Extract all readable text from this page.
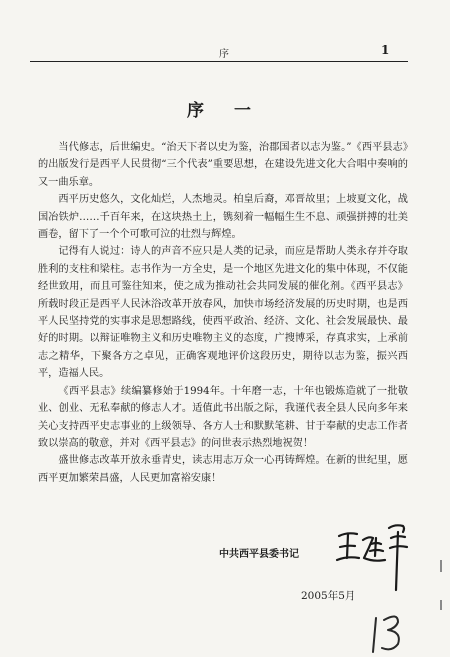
序	1
序 一

当代修志，后世编史。“治天下者以史为鉴，治郡国者以志为鉴。”《西平县志》的出版发行是西平人民贯彻“三个代表”重要思想，在建设先进文化大合唱中奏响的又一曲乐章。

西平历史悠久，文化灿烂，人杰地灵。柏皇后裔，邓晋故里；上坡夏文化，战国冶铁炉……千百年来，在这块热土上，镌刻着一幅幅生生不息、顽强拼搏的壮美画卷，留下了一个个可歌可泣的壮烈与辉煌。

记得有人说过：诗人的声音不应只是人类的记录，而应是帮助人类永存并夺取胜利的支柱和梁柱。志书作为一方全史，是一个地区先进文化的集中体现，不仅能经世致用，而且可鉴往知来，使之成为推动社会共同发展的催化剂。《西平县志》所载时段正是西平人民沐浴改革开放春风，加快市场经济发展的历史时期，也是西平人民坚持党的实事求是思想路线，使西平政治、经济、文化、社会发展最快、最好的时期。以辩证唯物主义和历史唯物主义的态度，广搜博采，存真求实，上承前志之精华，下聚各方之卓见，正确客观地评价这段历史，期待以志为鉴，振兴西平，造福人民。

《西平县志》续编纂修始于1994年。十年磨一志，十年也锻炼造就了一批敬业、创业、无私奉献的修志人才。适值此书出版之际，我谨代表全县人民向多年来关心支持西平史志事业的上级领导、各方人士和默默笔耕、甘于奉献的史志工作者致以崇高的敬意，并对《西平县志》的问世表示热烈地祝贺！

盛世修志改革开放永垂青史，读志用志万众一心再铸辉煌。在新的世纪里，愿西平更加繁荣昌盛，人民更加富裕安康！

中共西平县委书记
2005年5月
